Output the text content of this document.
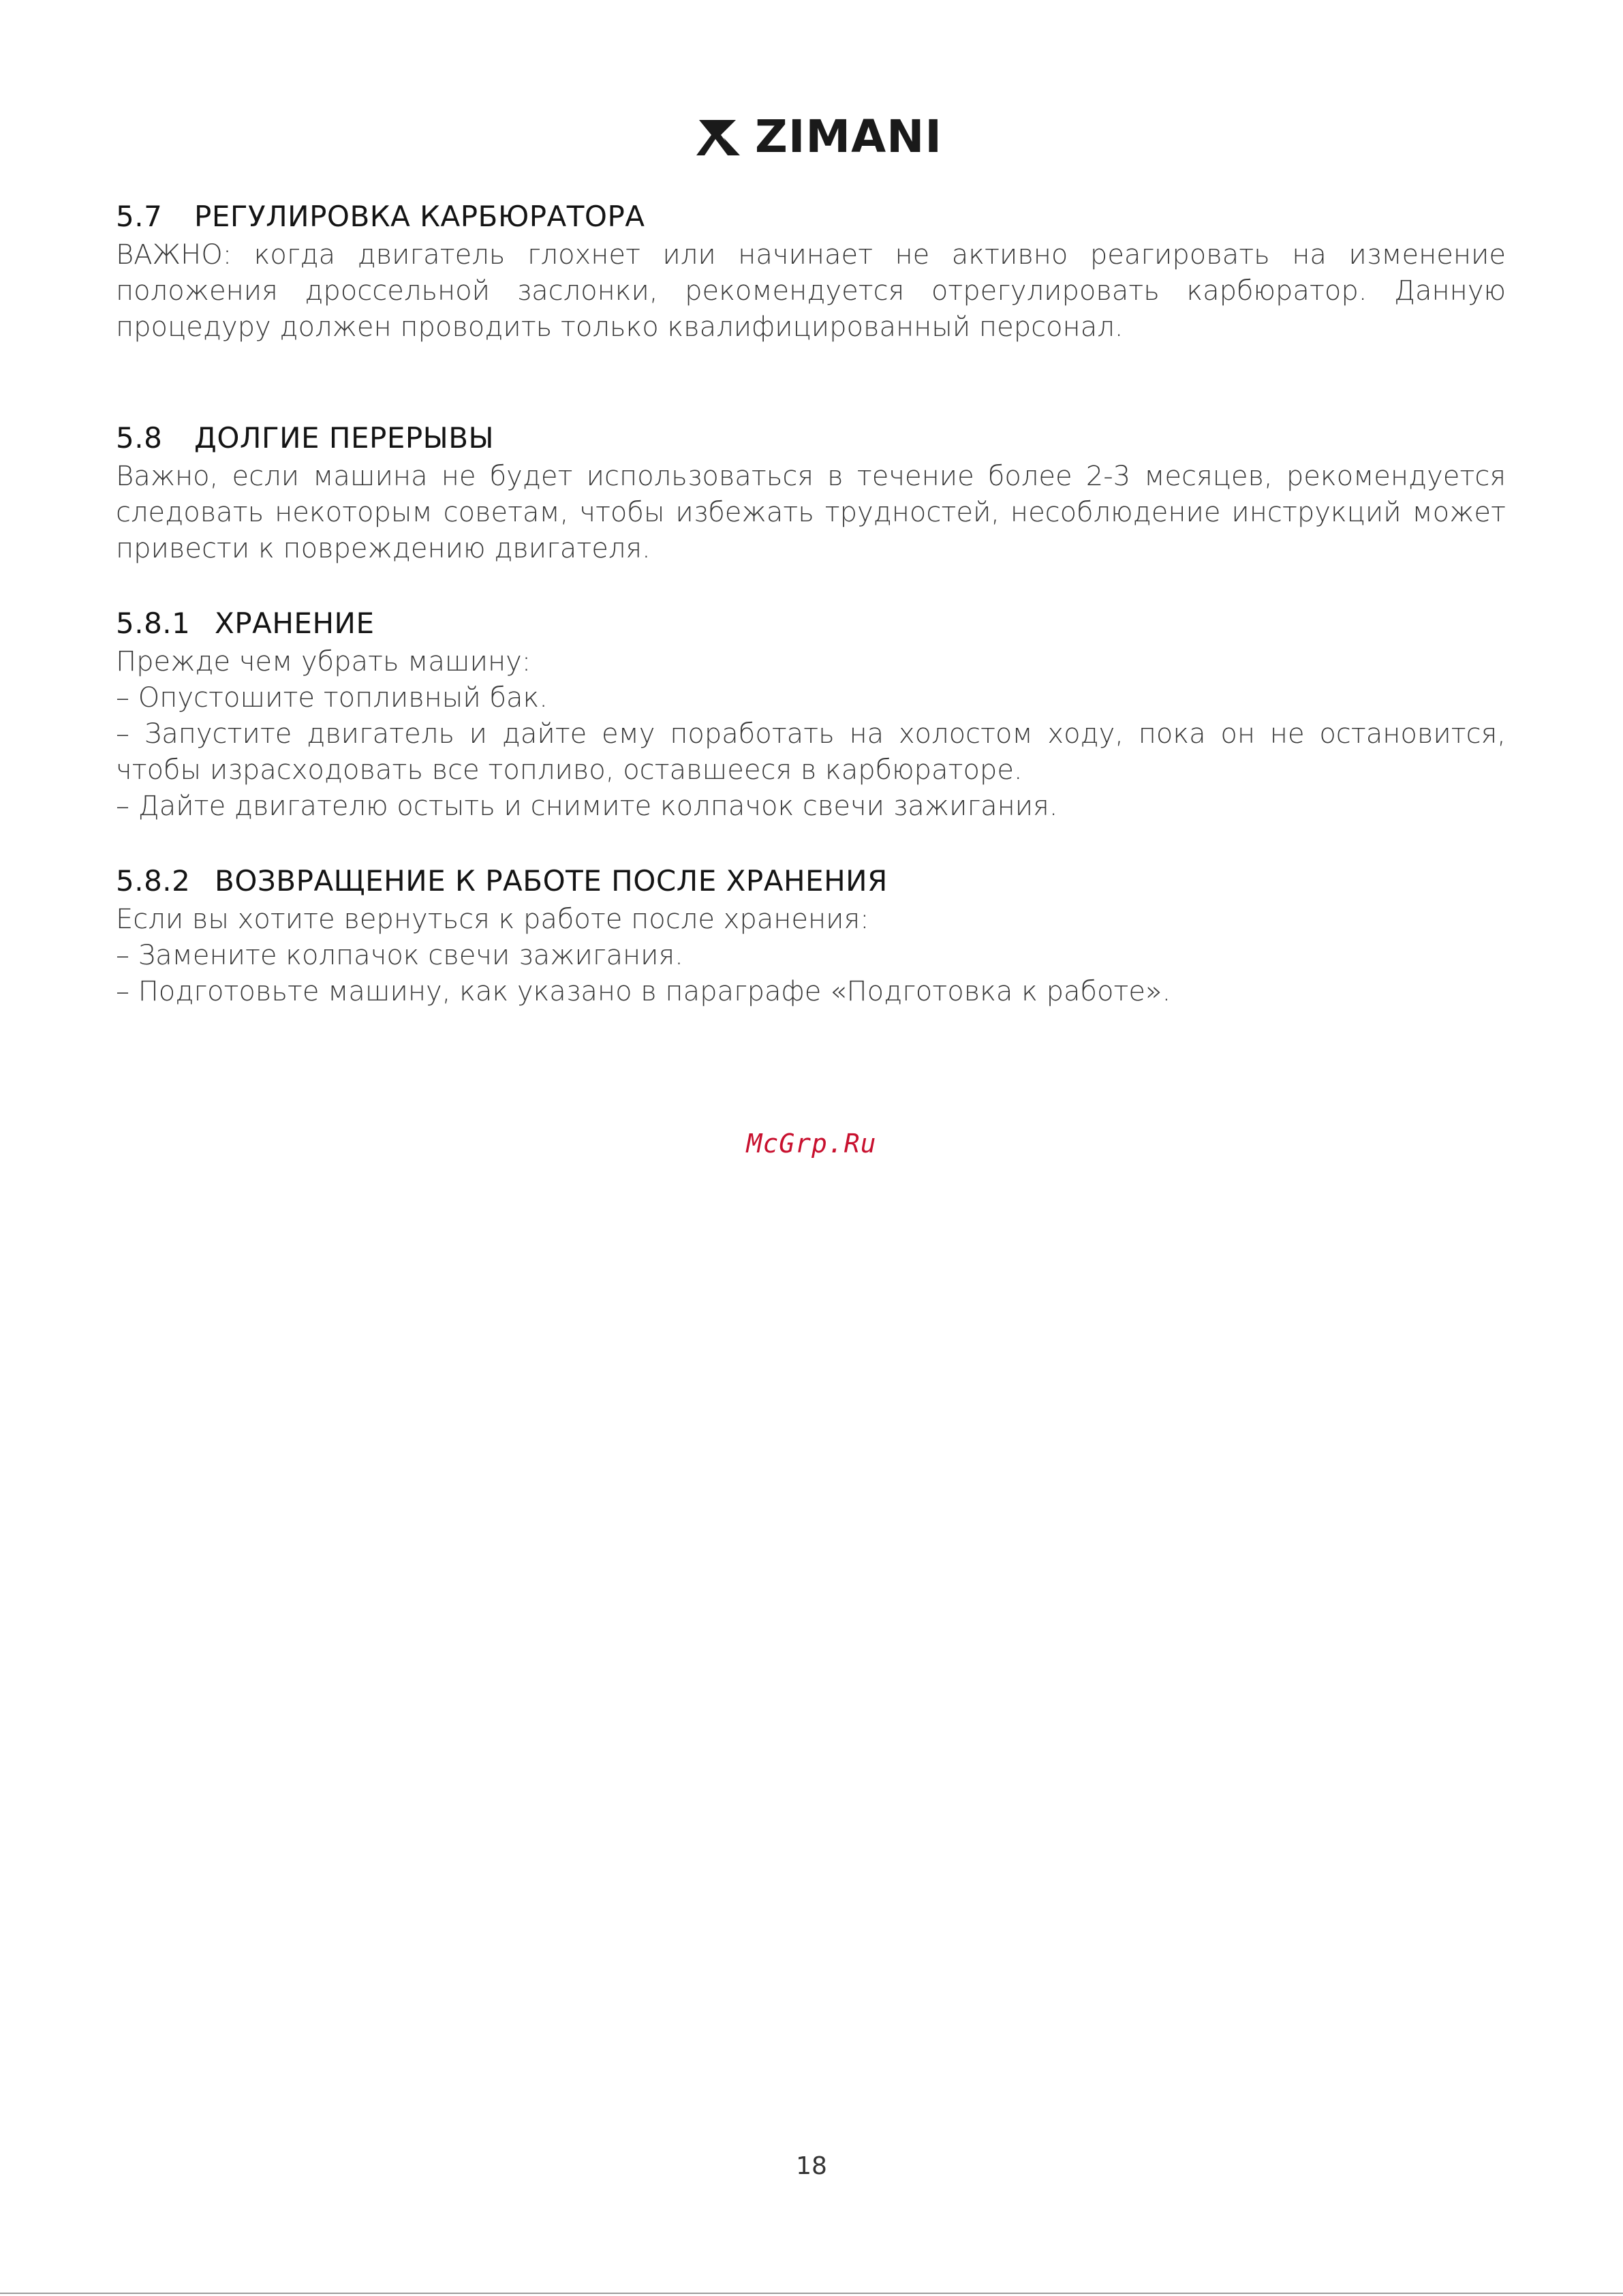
ZIMANI
5.7 РЕГУЛИРОВКА КАРБЮРАТОРА

ВАЖНО: когда двигатель глохнет или начинает не активно реагировать на изменение положения дроссельной заслонки, рекомендуется отрегулировать карбюратор. Данную процедуру должен проводить только квалифицированный персонал.

5.8 ДОЛГИЕ ПЕРЕРЫВЫ

Важно, если машина не будет использоваться в течение более 2-3 месяцев, рекомендуется следовать некоторым советам, чтобы избежать трудностей, несоблюдение инструкций может привести к повреждению двигателя.

5.8.1 ХРАНЕНИЕ

Прежде чем убрать машину:

– Опустошите топливный бак.

– Запустите двигатель и дайте ему поработать на холостом ходу, пока он не остановится, чтобы израсходовать все топливо, оставшееся в карбюраторе.

– Дайте двигателю остыть и снимите колпачок свечи зажигания.

5.8.2 ВОЗВРАЩЕНИЕ К РАБОТЕ ПОСЛЕ ХРАНЕНИЯ

Если вы хотите вернуться к работе после хранения:

– Замените колпачок свечи зажигания.

– Подготовьте машину, как указано в параграфе «Подготовка к работе».

McGrp.Ru
18
